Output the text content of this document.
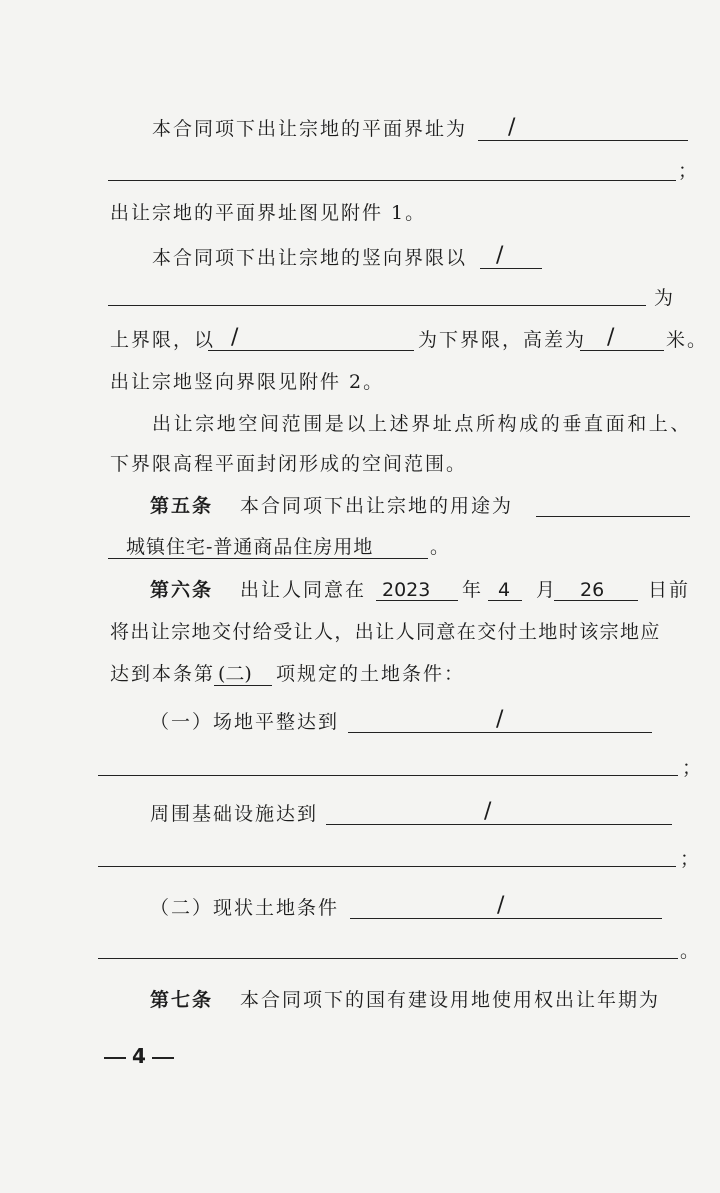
本合同项下出让宗地的平面界址为 /
；
出让宗地的平面界址图见附件 1。
本合同项下出让宗地的竖向界限以 /
为
上界限，以 /	为下界限，高差为 /	米。
出让宗地竖向界限见附件 2。
出让宗地空间范围是以上述界址点所构成的垂直面和上、
下界限高程平面封闭形成的空间范围。
第五条 本合同项下出让宗地的用途为
城镇住宅-普通商品住房用地	。
第六条 出让人同意在 2023 年 4 月 26 日前
将出让宗地交付给受让人，出让人同意在交付土地时该宗地应
达到本条第 (二) 项规定的土地条件：
（一）场地平整达到	/
；
周围基础设施达到	/
；
（二）现状土地条件	/
。
第七条 本合同项下的国有建设用地使用权出让年期为
4
